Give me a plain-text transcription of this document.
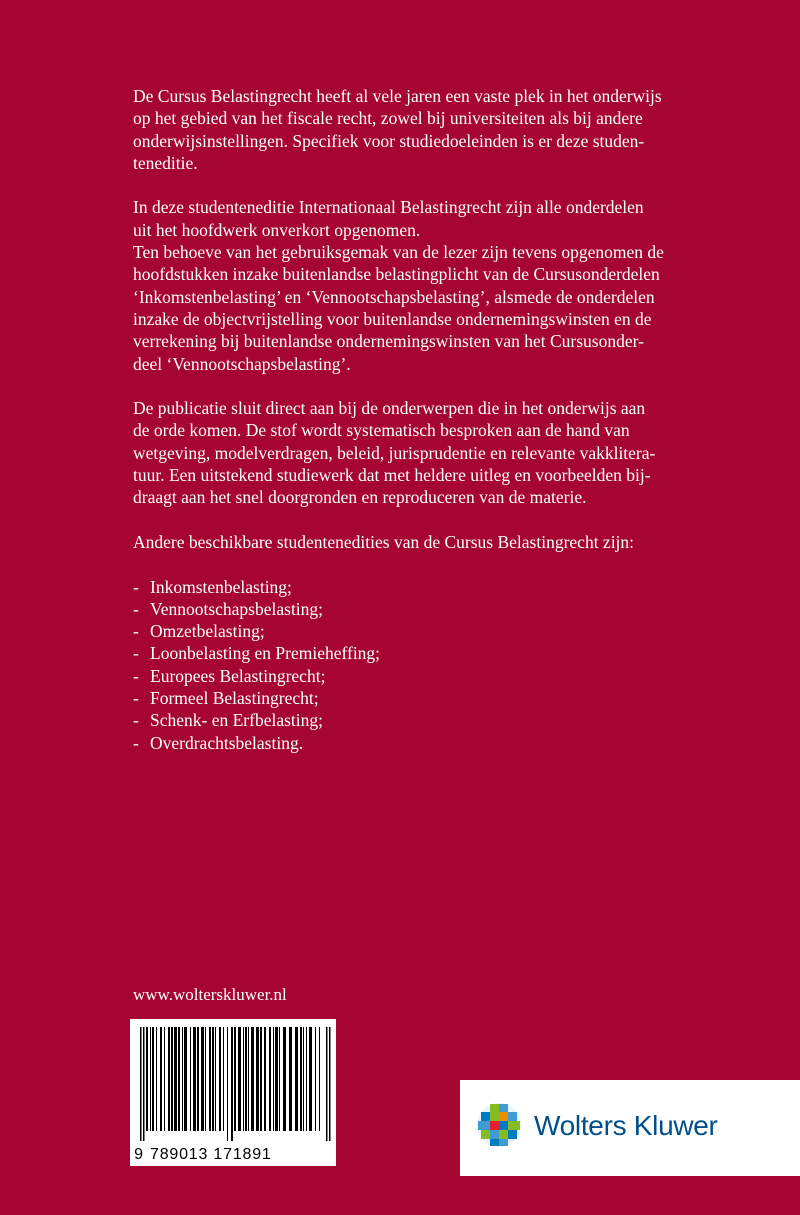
De Cursus Belastingrecht heeft al vele jaren een vaste plek in het onderwijs
op het gebied van het fiscale recht, zowel bij universiteiten als bij andere
onderwijsinstellingen. Specifiek voor studiedoeleinden is er deze studen-
teneditie.

In deze studenteneditie Internationaal Belastingrecht zijn alle onderdelen
uit het hoofdwerk onverkort opgenomen.
Ten behoeve van het gebruiksgemak van de lezer zijn tevens opgenomen de
hoofdstukken inzake buitenlandse belastingplicht van de Cursusonderdelen
‘Inkomstenbelasting’ en ‘Vennootschapsbelasting’, alsmede de onderdelen
inzake de objectvrijstelling voor buitenlandse ondernemingswinsten en de
verrekening bij buitenlandse ondernemingswinsten van het Cursusonder-
deel ‘Vennootschapsbelasting’.

De publicatie sluit direct aan bij de onderwerpen die in het onderwijs aan
de orde komen. De stof wordt systematisch besproken aan de hand van
wetgeving, modelverdragen, beleid, jurisprudentie en relevante vakklitera-
tuur. Een uitstekend studiewerk dat met heldere uitleg en voorbeelden bij-
draagt aan het snel doorgronden en reproduceren van de materie.

Andere beschikbare studentenedities van de Cursus Belastingrecht zijn:

- Inkomstenbelasting;
- Vennootschapsbelasting;
- Omzetbelasting;
- Loonbelasting en Premieheffing;
- Europees Belastingrecht;
- Formeel Belastingrecht;
- Schenk- en Erfbelasting;
- Overdrachtsbelasting.
www.wolterskluwer.nl
9 789013 171891
Wolters Kluwer
